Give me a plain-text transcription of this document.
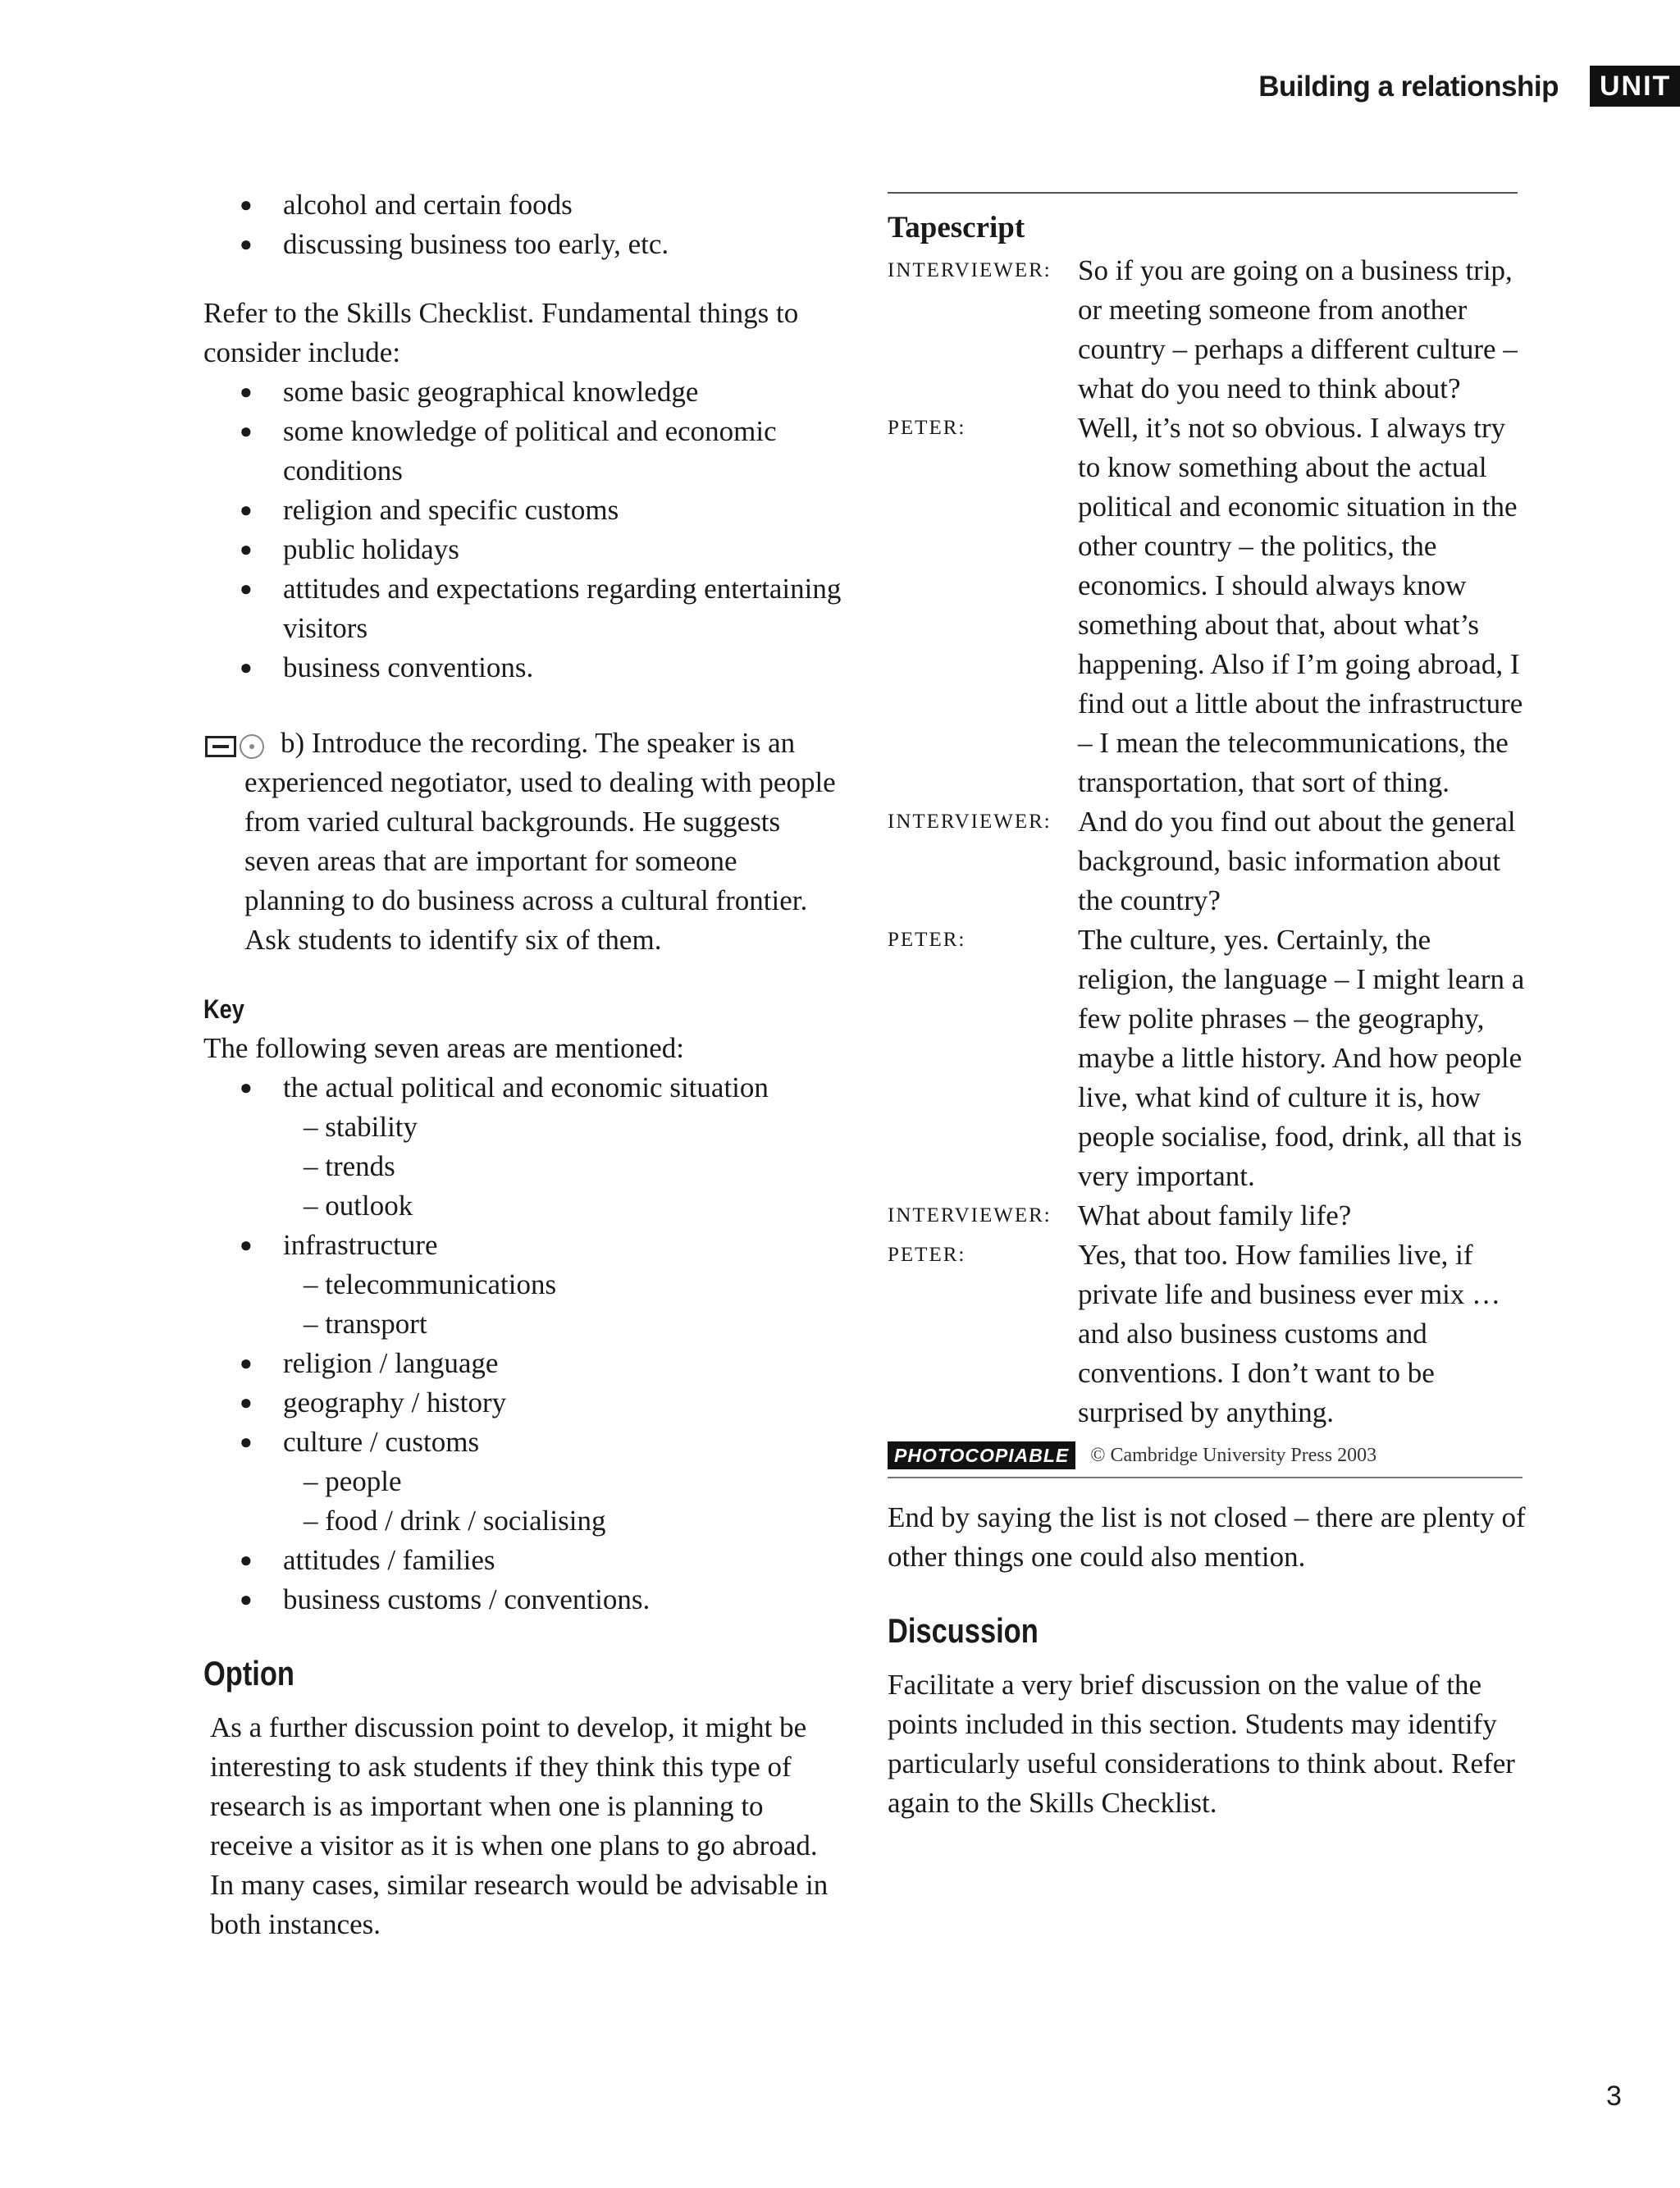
Building a relationship	UNIT
● alcohol and certain foods
● discussing business too early, etc.

Refer to the Skills Checklist. Fundamental things to consider include:

● some basic geographical knowledge
● some knowledge of political and economic conditions
● religion and specific customs
● public holidays
● attitudes and expectations regarding entertaining visitors
● business conventions.
b) Introduce the recording. The speaker is an experienced negotiator, used to dealing with people from varied cultural backgrounds. He suggests seven areas that are important for someone planning to do business across a cultural frontier. Ask students to identify six of them.
Key

The following seven areas are mentioned:

● the actual political and economic situation
– stability
– trends
– outlook
● infrastructure
– telecommunications
– transport
● religion / language
● geography / history
● culture / customs
– people
– food / drink / socialising
● attitudes / families
● business customs / conventions.
Option

As a further discussion point to develop, it might be interesting to ask students if they think this type of research is as important when one is planning to receive a visitor as it is when one plans to go abroad. In many cases, similar research would be advisable in both instances.

Tapescript
INTERVIEWER: So if you are going on a business trip, or meeting someone from another country – perhaps a different culture – what do you need to think about?
PETER:	Well, it’s not so obvious. I always try to know something about the actual political and economic situation in the other country – the politics, the economics. I should always know something about that, about what’s happening. Also if I’m going abroad, I find out a little about the infrastructure – I mean the telecommunications, the transportation, that sort of thing.
INTERVIEWER: And do you find out about the general background, basic information about the country?
PETER:	The culture, yes. Certainly, the religion, the language – I might learn a few polite phrases – the geography, maybe a little history. And how people live, what kind of culture it is, how people socialise, food, drink, all that is very important.
INTERVIEWER: What about family life?
PETER:	Yes, that too. How families live, if private life and business ever mix … and also business customs and conventions. I don’t want to be surprised by anything.
PHOTOCOPIABLE	© Cambridge University Press 2003

End by saying the list is not closed – there are plenty of other things one could also mention.

Discussion

Facilitate a very brief discussion on the value of the points included in this section. Students may identify particularly useful considerations to think about. Refer again to the Skills Checklist.

3
